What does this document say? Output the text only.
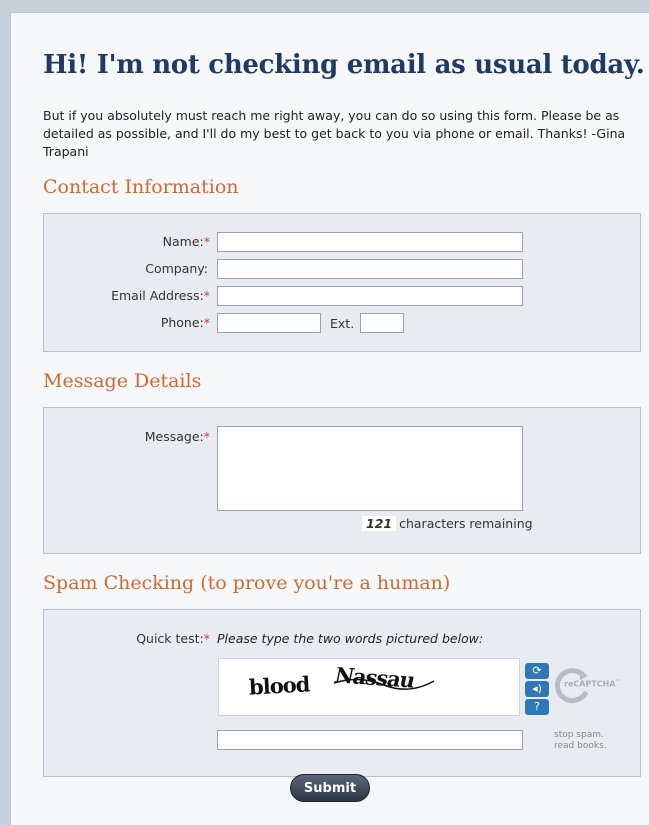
Hi! I'm not checking email as usual today.

But if you absolutely must reach me right away, you can do so using this form. Please be as detailed as possible, and I'll do my best to get back to you via phone or email. Thanks! -Gina Trapani

Contact Information
Name:*
Company:
Email Address:*
Phone:*	Ext.
Message Details
Message:*
121 characters remaining
Spam Checking (to prove you're a human)
Quick test:* Please type the two words pictured below:
blood Nassau	⟳
◂)
?
reCAPTCHA™
stop spam.
read books.
Submit
